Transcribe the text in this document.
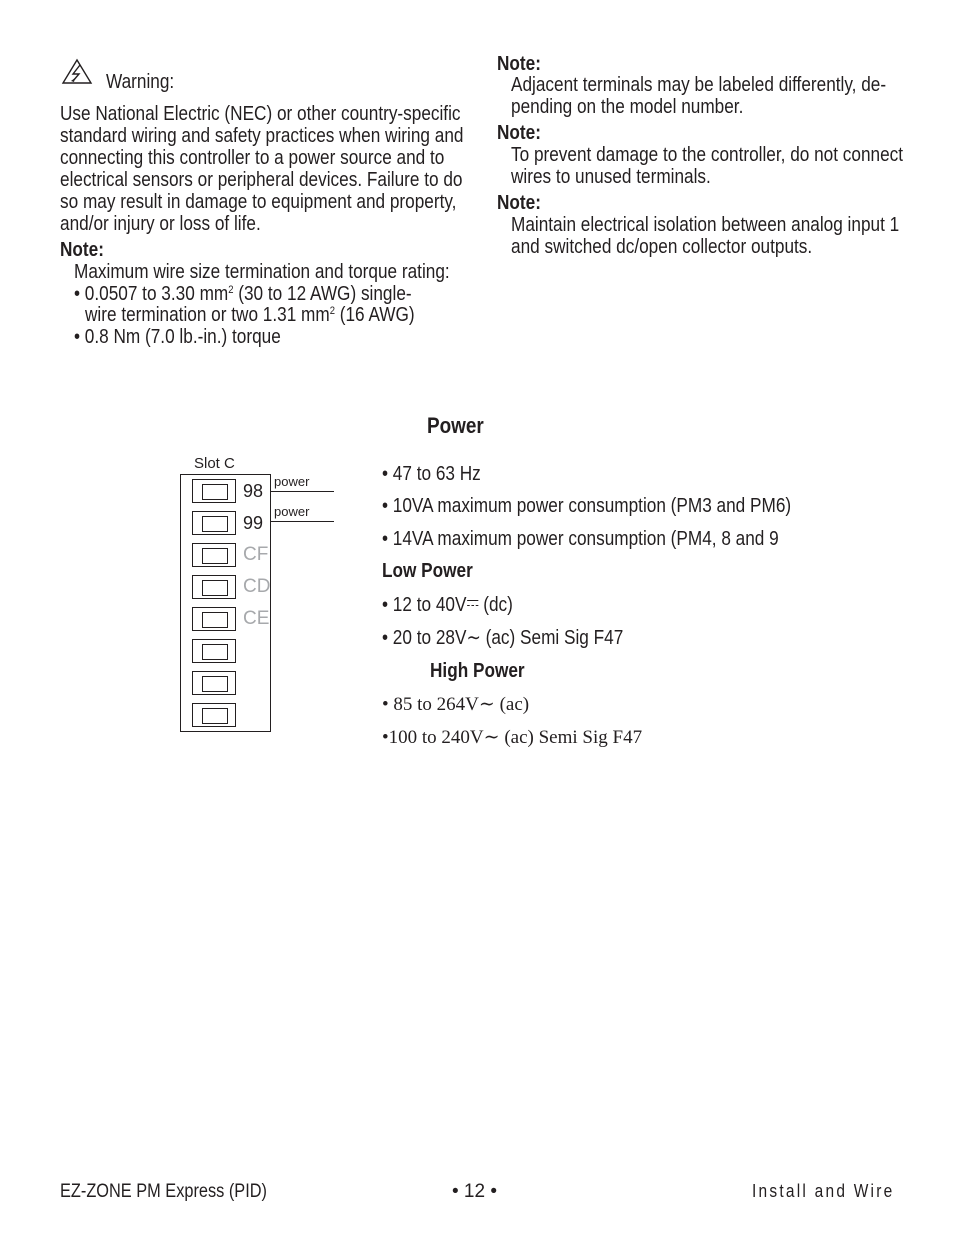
Warning:
Use National Electric (NEC) or other country-specific
standard wiring and safety practices when wiring and
connecting this controller to a power source and to
electrical sensors or peripheral devices. Failure to do
so may result in damage to equipment and property,
and/or injury or loss of life.
Note:
Maximum wire size termination and torque rating:
• 0.0507 to 3.30 $mm^2$ (30 to 12 AWG) single-
wire termination or two 1.31 $mm^2$ (16 AWG)
• 0.8 Nm (7.0 lb.-in.) torque
Note:
Adjacent terminals may be labeled differently, de-
pending on the model number.
Note:
To prevent damage to the controller, do not connect
wires to unused terminals.
Note:
Maintain electrical isolation between analog input 1
and switched dc/open collector outputs.
Power
Slot C
98
99
CF
CD
CE
power
power
• 47 to 63 Hz
• 10VA maximum power consumption (PM3 and PM6)
• 14VA maximum power consumption (PM4, 8 and 9
Low Power
• 12 to 40V (dc)
• 20 to 28V∼ (ac) Semi Sig F47
High Power
• 85 to 264V∼ (ac)
•100 to 240V∼ (ac) Semi Sig F47
EZ-ZONE PM Express (PID)	• 12 •	Install and Wire
